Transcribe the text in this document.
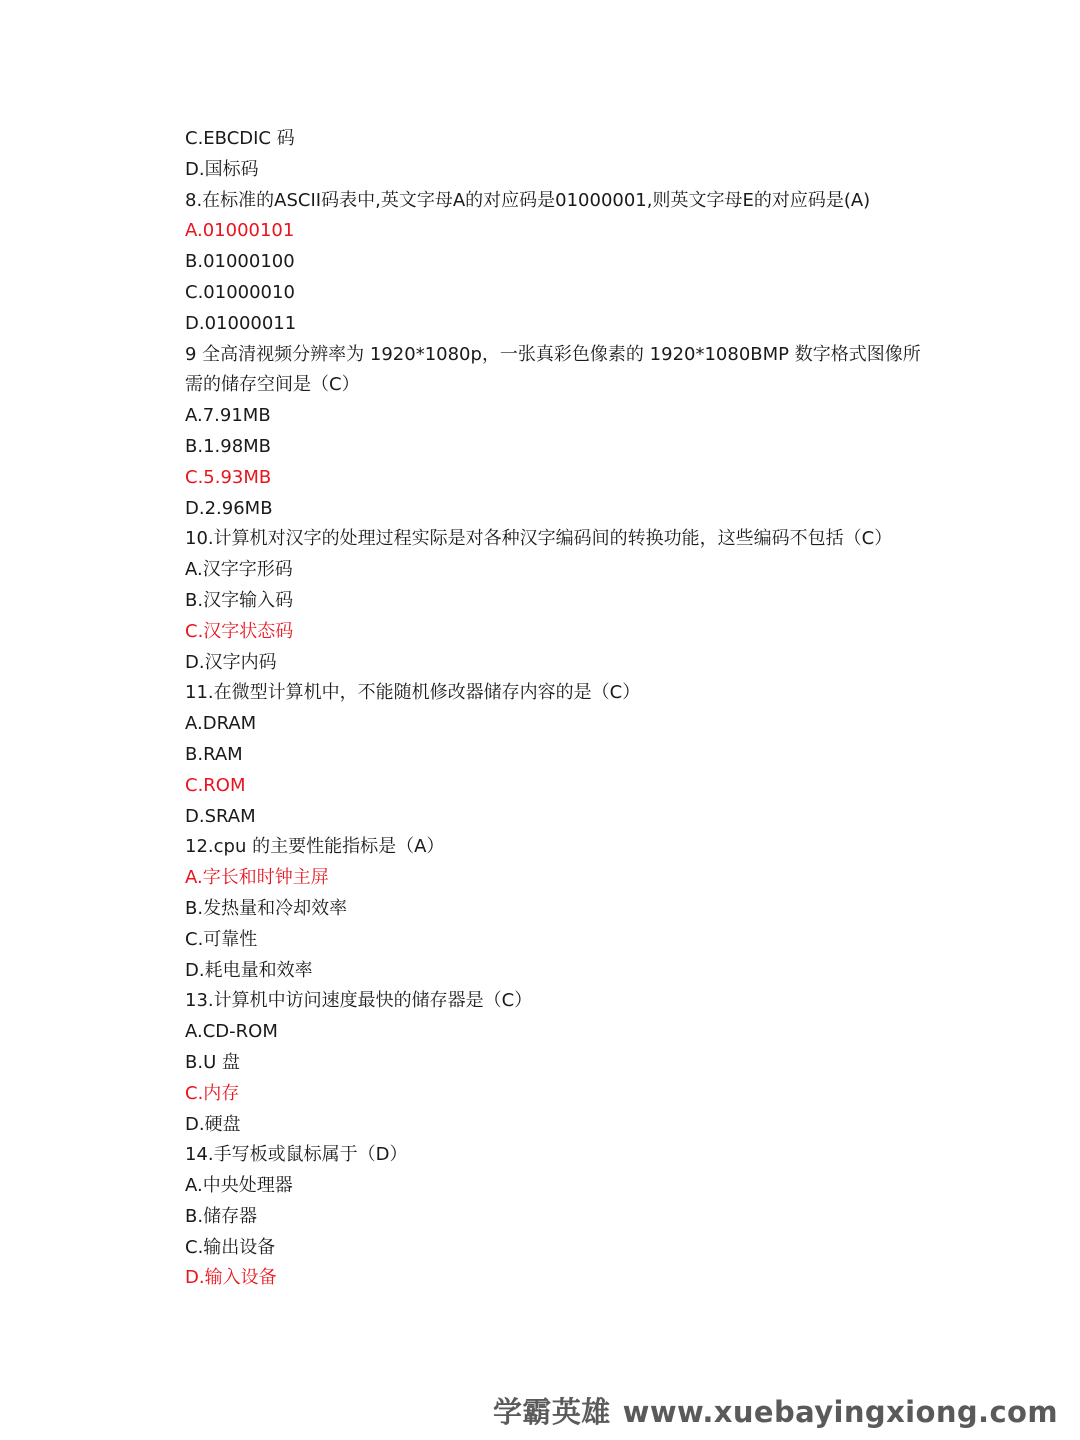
C.EBCDIC 码
D.国标码
8.在标准的ASCII码表中,英文字母A的对应码是01000001,则英文字母E的对应码是(A)
A.01000101
B.01000100
C.01000010
D.01000011
9 全高清视频分辨率为 1920*1080p，一张真彩色像素的 1920*1080BMP 数字格式图像所
需的储存空间是（C）
A.7.91MB
B.1.98MB
C.5.93MB
D.2.96MB
10.计算机对汉字的处理过程实际是对各种汉字编码间的转换功能，这些编码不包括（C）
A.汉字字形码
B.汉字输入码
C.汉字状态码
D.汉字内码
11.在微型计算机中，不能随机修改器储存内容的是（C）
A.DRAM
B.RAM
C.ROM
D.SRAM
12.cpu 的主要性能指标是（A）
A.字长和时钟主屏
B.发热量和冷却效率
C.可靠性
D.耗电量和效率
13.计算机中访问速度最快的储存器是（C）
A.CD-ROM
B.U 盘
C.内存
D.硬盘
14.手写板或鼠标属于（D）
A.中央处理器
B.储存器
C.输出设备
D.输入设备
学霸英雄 www.xuebayingxiong.com
